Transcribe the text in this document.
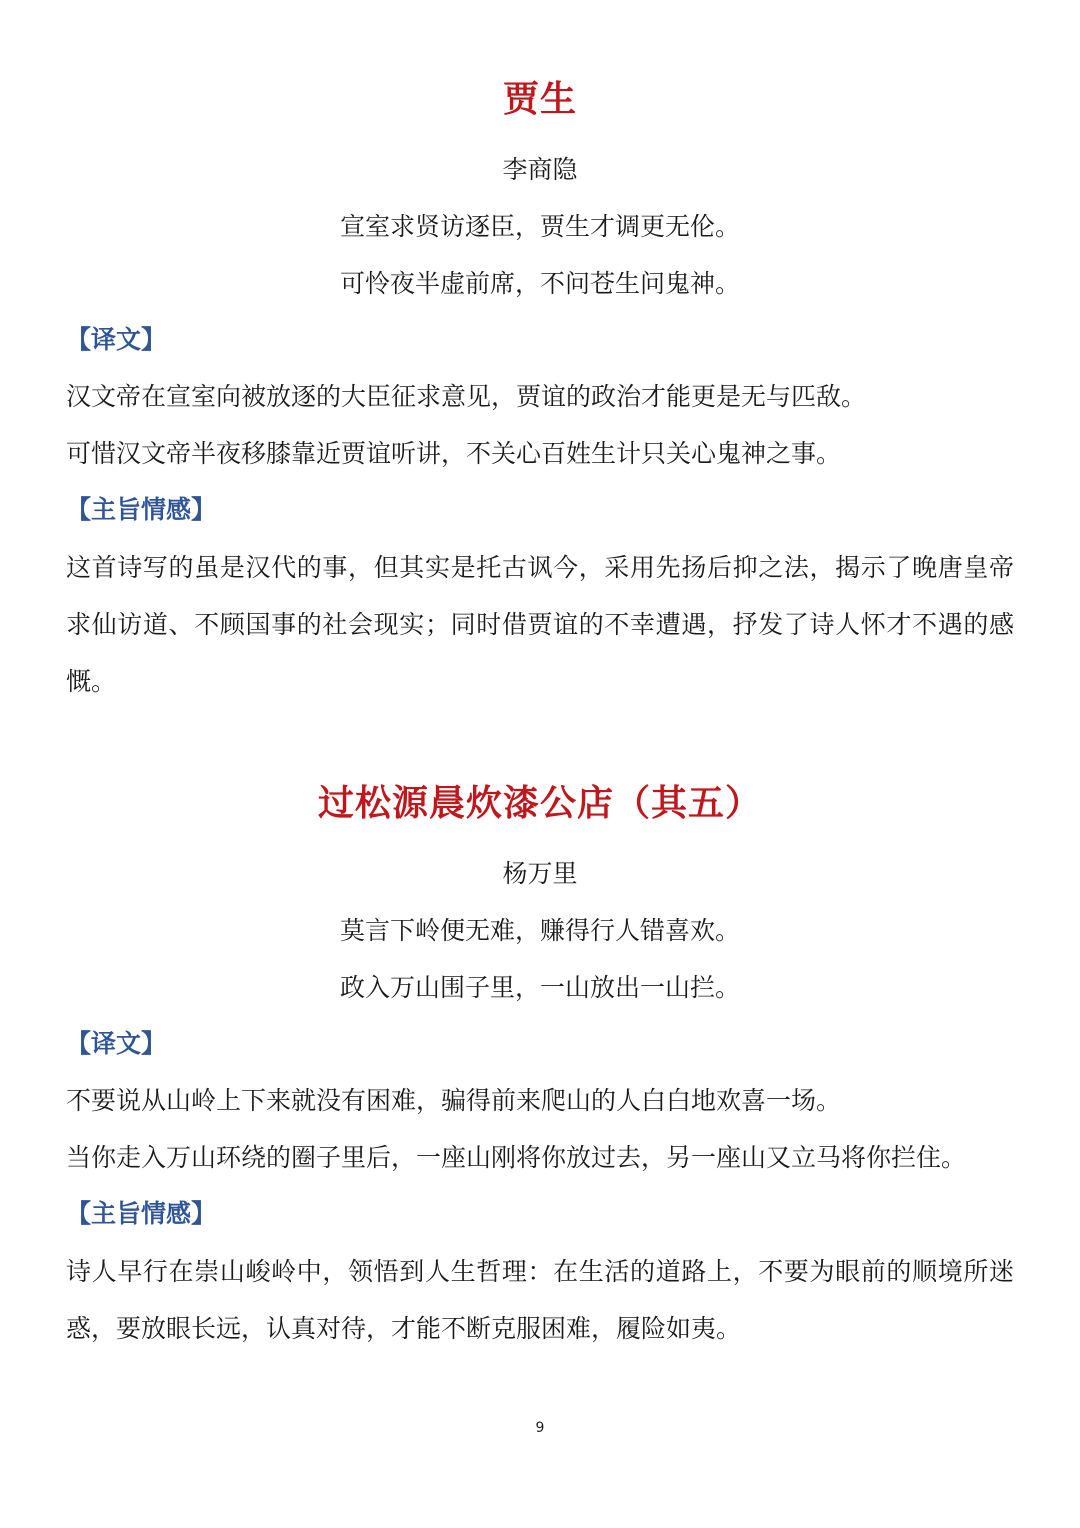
贾生

李商隐

宣室求贤访逐臣，贾生才调更无伦。

可怜夜半虚前席，不问苍生问鬼神。

【译文】

汉文帝在宣室向被放逐的大臣征求意见，贾谊的政治才能更是无与匹敌。

可惜汉文帝半夜移膝靠近贾谊听讲，不关心百姓生计只关心鬼神之事。

【主旨情感】

这首诗写的虽是汉代的事，但其实是托古讽今，采用先扬后抑之法，揭示了晚唐皇帝求仙访道、不顾国事的社会现实；同时借贾谊的不幸遭遇，抒发了诗人怀才不遇的感慨。

过松源晨炊漆公店（其五）

杨万里

莫言下岭便无难，赚得行人错喜欢。

政入万山围子里，一山放出一山拦。

【译文】

不要说从山岭上下来就没有困难，骗得前来爬山的人白白地欢喜一场。

当你走入万山环绕的圈子里后，一座山刚将你放过去，另一座山又立马将你拦住。

【主旨情感】

诗人早行在崇山峻岭中，领悟到人生哲理：在生活的道路上，不要为眼前的顺境所迷惑，要放眼长远，认真对待，才能不断克服困难，履险如夷。

9
